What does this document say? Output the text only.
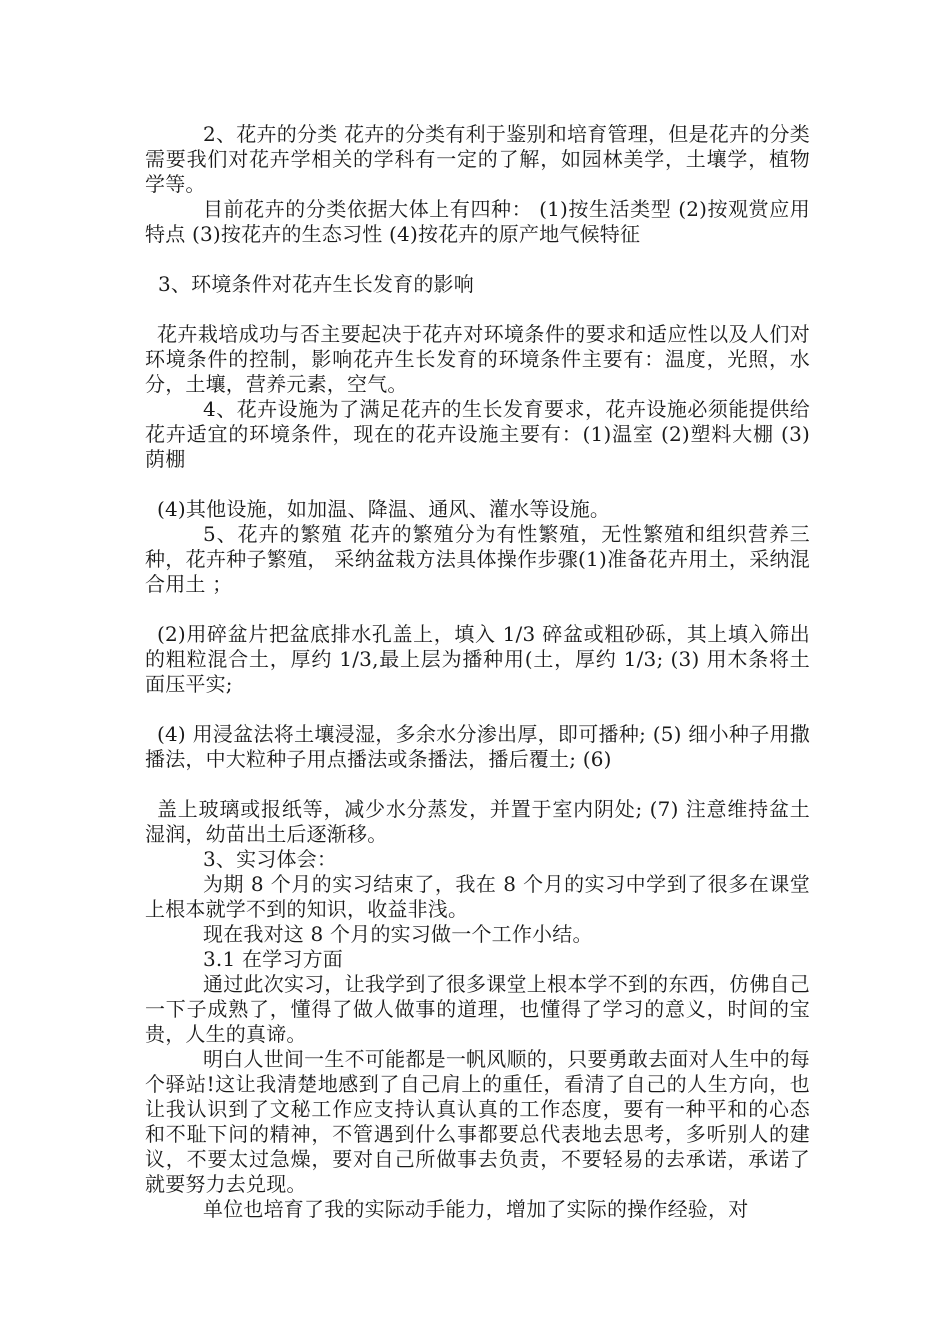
2、花卉的分类 花卉的分类有利于鉴别和培育管理，但是花卉的分类需要我们对花卉学相关的学科有一定的了解，如园林美学，土壤学，植物学等。

目前花卉的分类依据大体上有四种： (1)按生活类型 (2)按观赏应用特点 (3)按花卉的生态习性 (4)按花卉的原产地气候特征

3、环境条件对花卉生长发育的影响

花卉栽培成功与否主要起决于花卉对环境条件的要求和适应性以及人们对环境条件的控制，影响花卉生长发育的环境条件主要有：温度，光照，水分，土壤，营养元素，空气。

4、花卉设施为了满足花卉的生长发育要求，花卉设施必须能提供给花卉适宜的环境条件，现在的花卉设施主要有：(1)温室 (2)塑料大棚 (3)荫棚

(4)其他设施，如加温、降温、通风、灌水等设施。

5、花卉的繁殖 花卉的繁殖分为有性繁殖，无性繁殖和组织营养三种，花卉种子繁殖， 采纳盆栽方法具体操作步骤(1)准备花卉用土，采纳混合用土 ；

(2)用碎盆片把盆底排水孔盖上，填入 1/3 碎盆或粗砂砾，其上填入筛出的粗粒混合土，厚约 1/3,最上层为播种用(土，厚约 1/3; (3) 用木条将土面压平实;

(4) 用浸盆法将土壤浸湿，多余水分渗出厚，即可播种; (5) 细小种子用撒播法，中大粒种子用点播法或条播法，播后覆土; (6)

盖上玻璃或报纸等，减少水分蒸发，并置于室内阴处; (7) 注意维持盆土湿润，幼苗出土后逐渐移。

3、实习体会：

为期 8 个月的实习结束了，我在 8 个月的实习中学到了很多在课堂上根本就学不到的知识，收益非浅。

现在我对这 8 个月的实习做一个工作小结。

3.1 在学习方面

通过此次实习，让我学到了很多课堂上根本学不到的东西，仿佛自己一下子成熟了，懂得了做人做事的道理，也懂得了学习的意义，时间的宝贵，人生的真谛。

明白人世间一生不可能都是一帆风顺的，只要勇敢去面对人生中的每个驿站!这让我清楚地感到了自己肩上的重任，看清了自己的人生方向，也让我认识到了文秘工作应支持认真认真的工作态度，要有一种平和的心态和不耻下问的精神，不管遇到什么事都要总代表地去思考，多听别人的建议，不要太过急燥，要对自己所做事去负责，不要轻易的去承诺，承诺了就要努力去兑现。

单位也培育了我的实际动手能力，增加了实际的操作经验，对
